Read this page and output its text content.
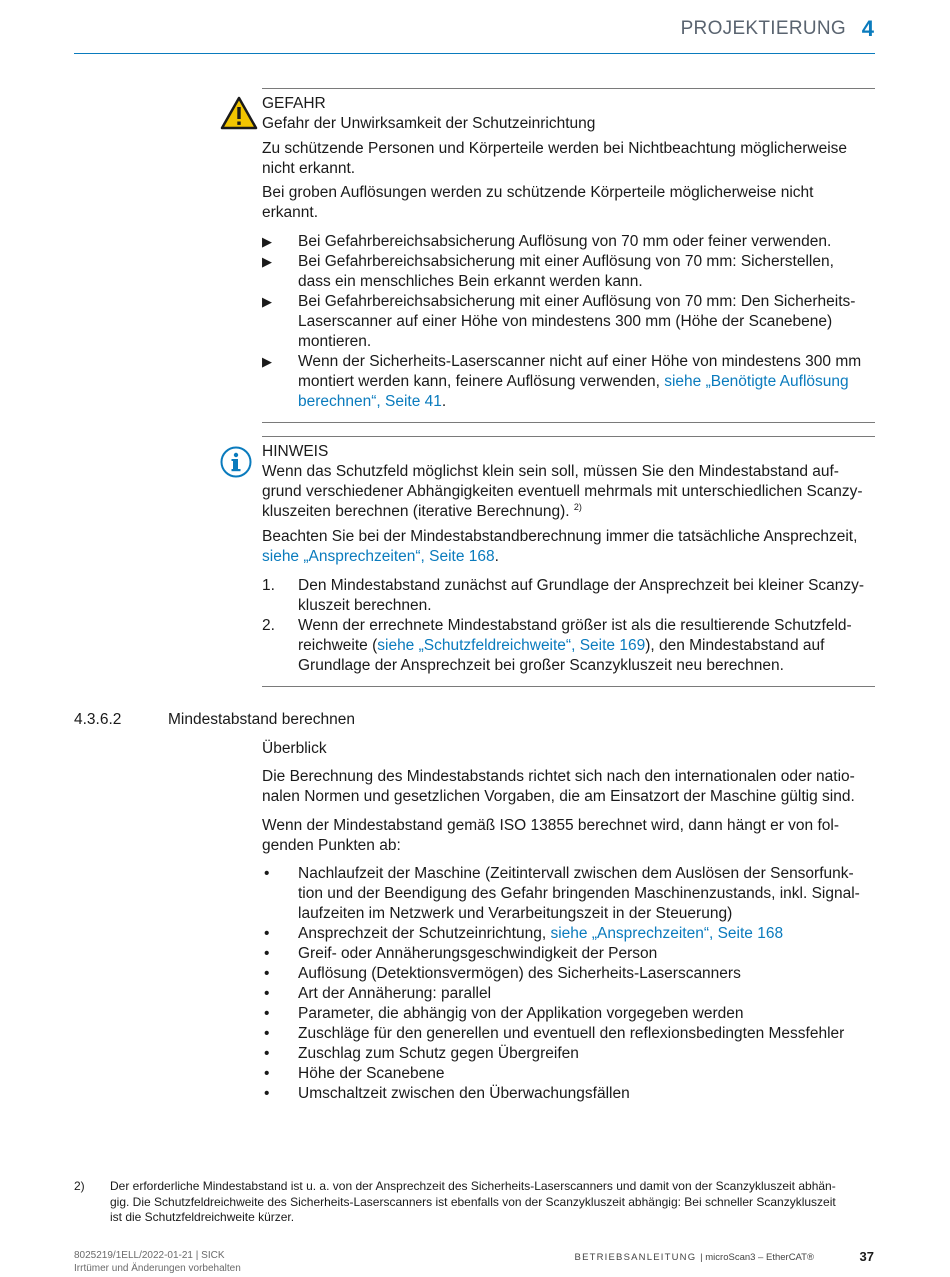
PROJEKTIERUNG 4
GEFAHR
Gefahr der Unwirksamkeit der Schutzeinrichtung
Zu schützende Personen und Körperteile werden bei Nichtbeachtung möglicherweise
nicht erkannt.
Bei groben Auflösungen werden zu schützende Körperteile möglicherweise nicht
erkannt.
▶ Bei Gefahrbereichsabsicherung Auflösung von 70 mm oder feiner verwenden.
▶ Bei Gefahrbereichsabsicherung mit einer Auflösung von 70 mm: Sicherstellen,
dass ein menschliches Bein erkannt werden kann.
▶ Bei Gefahrbereichsabsicherung mit einer Auflösung von 70 mm: Den Sicherheits-
Laserscanner auf einer Höhe von mindestens 300 mm (Höhe der Scanebene)
montieren.
▶ Wenn der Sicherheits-Laserscanner nicht auf einer Höhe von mindestens 300 mm
montiert werden kann, feinere Auflösung verwenden, siehe „Benötigte Auflösung
berechnen“, Seite 41.
HINWEIS
Wenn das Schutzfeld möglichst klein sein soll, müssen Sie den Mindestabstand auf-
grund verschiedener Abhängigkeiten eventuell mehrmals mit unterschiedlichen Scanzy-
kluszeiten berechnen (iterative Berechnung). $^{2)}$
Beachten Sie bei der Mindestabstandberechnung immer die tatsächliche Ansprechzeit,
siehe „Ansprechzeiten“, Seite 168.
1. Den Mindestabstand zunächst auf Grundlage der Ansprechzeit bei kleiner Scanzy-
kluszeit berechnen.
2. Wenn der errechnete Mindestabstand größer ist als die resultierende Schutzfeld-
reichweite (siehe „Schutzfeldreichweite“, Seite 169), den Mindestabstand auf
Grundlage der Ansprechzeit bei großer Scanzykluszeit neu berechnen.
4.3.6.2	Mindestabstand berechnen
Überblick
Die Berechnung des Mindestabstands richtet sich nach den internationalen oder natio-
nalen Normen und gesetzlichen Vorgaben, die am Einsatzort der Maschine gültig sind.
Wenn der Mindestabstand gemäß ISO 13855 berechnet wird, dann hängt er von fol-
genden Punkten ab:
• Nachlaufzeit der Maschine (Zeitintervall zwischen dem Auslösen der Sensorfunk-
tion und der Beendigung des Gefahr bringenden Maschinenzustands, inkl. Signal-
laufzeiten im Netzwerk und Verarbeitungszeit in der Steuerung)
• Ansprechzeit der Schutzeinrichtung, siehe „Ansprechzeiten“, Seite 168
• Greif- oder Annäherungsgeschwindigkeit der Person
• Auflösung (Detektionsvermögen) des Sicherheits-Laserscanners
• Art der Annäherung: parallel
• Parameter, die abhängig von der Applikation vorgegeben werden
• Zuschläge für den generellen und eventuell den reflexionsbedingten Messfehler
• Zuschlag zum Schutz gegen Übergreifen
• Höhe der Scanebene
• Umschaltzeit zwischen den Überwachungsfällen
2) Der erforderliche Mindestabstand ist u. a. von der Ansprechzeit des Sicherheits-Laserscanners und damit von der Scanzykluszeit abhän-
gig. Die Schutzfeldreichweite des Sicherheits-Laserscanners ist ebenfalls von der Scanzykluszeit abhängig: Bei schneller Scanzykluszeit
ist die Schutzfeldreichweite kürzer.
8025219/1ELL/2022-01-21 | SICK
Irrtümer und Änderungen vorbehalten
BETRIEBSANLEITUNG | microScan3 – EtherCAT®	37
